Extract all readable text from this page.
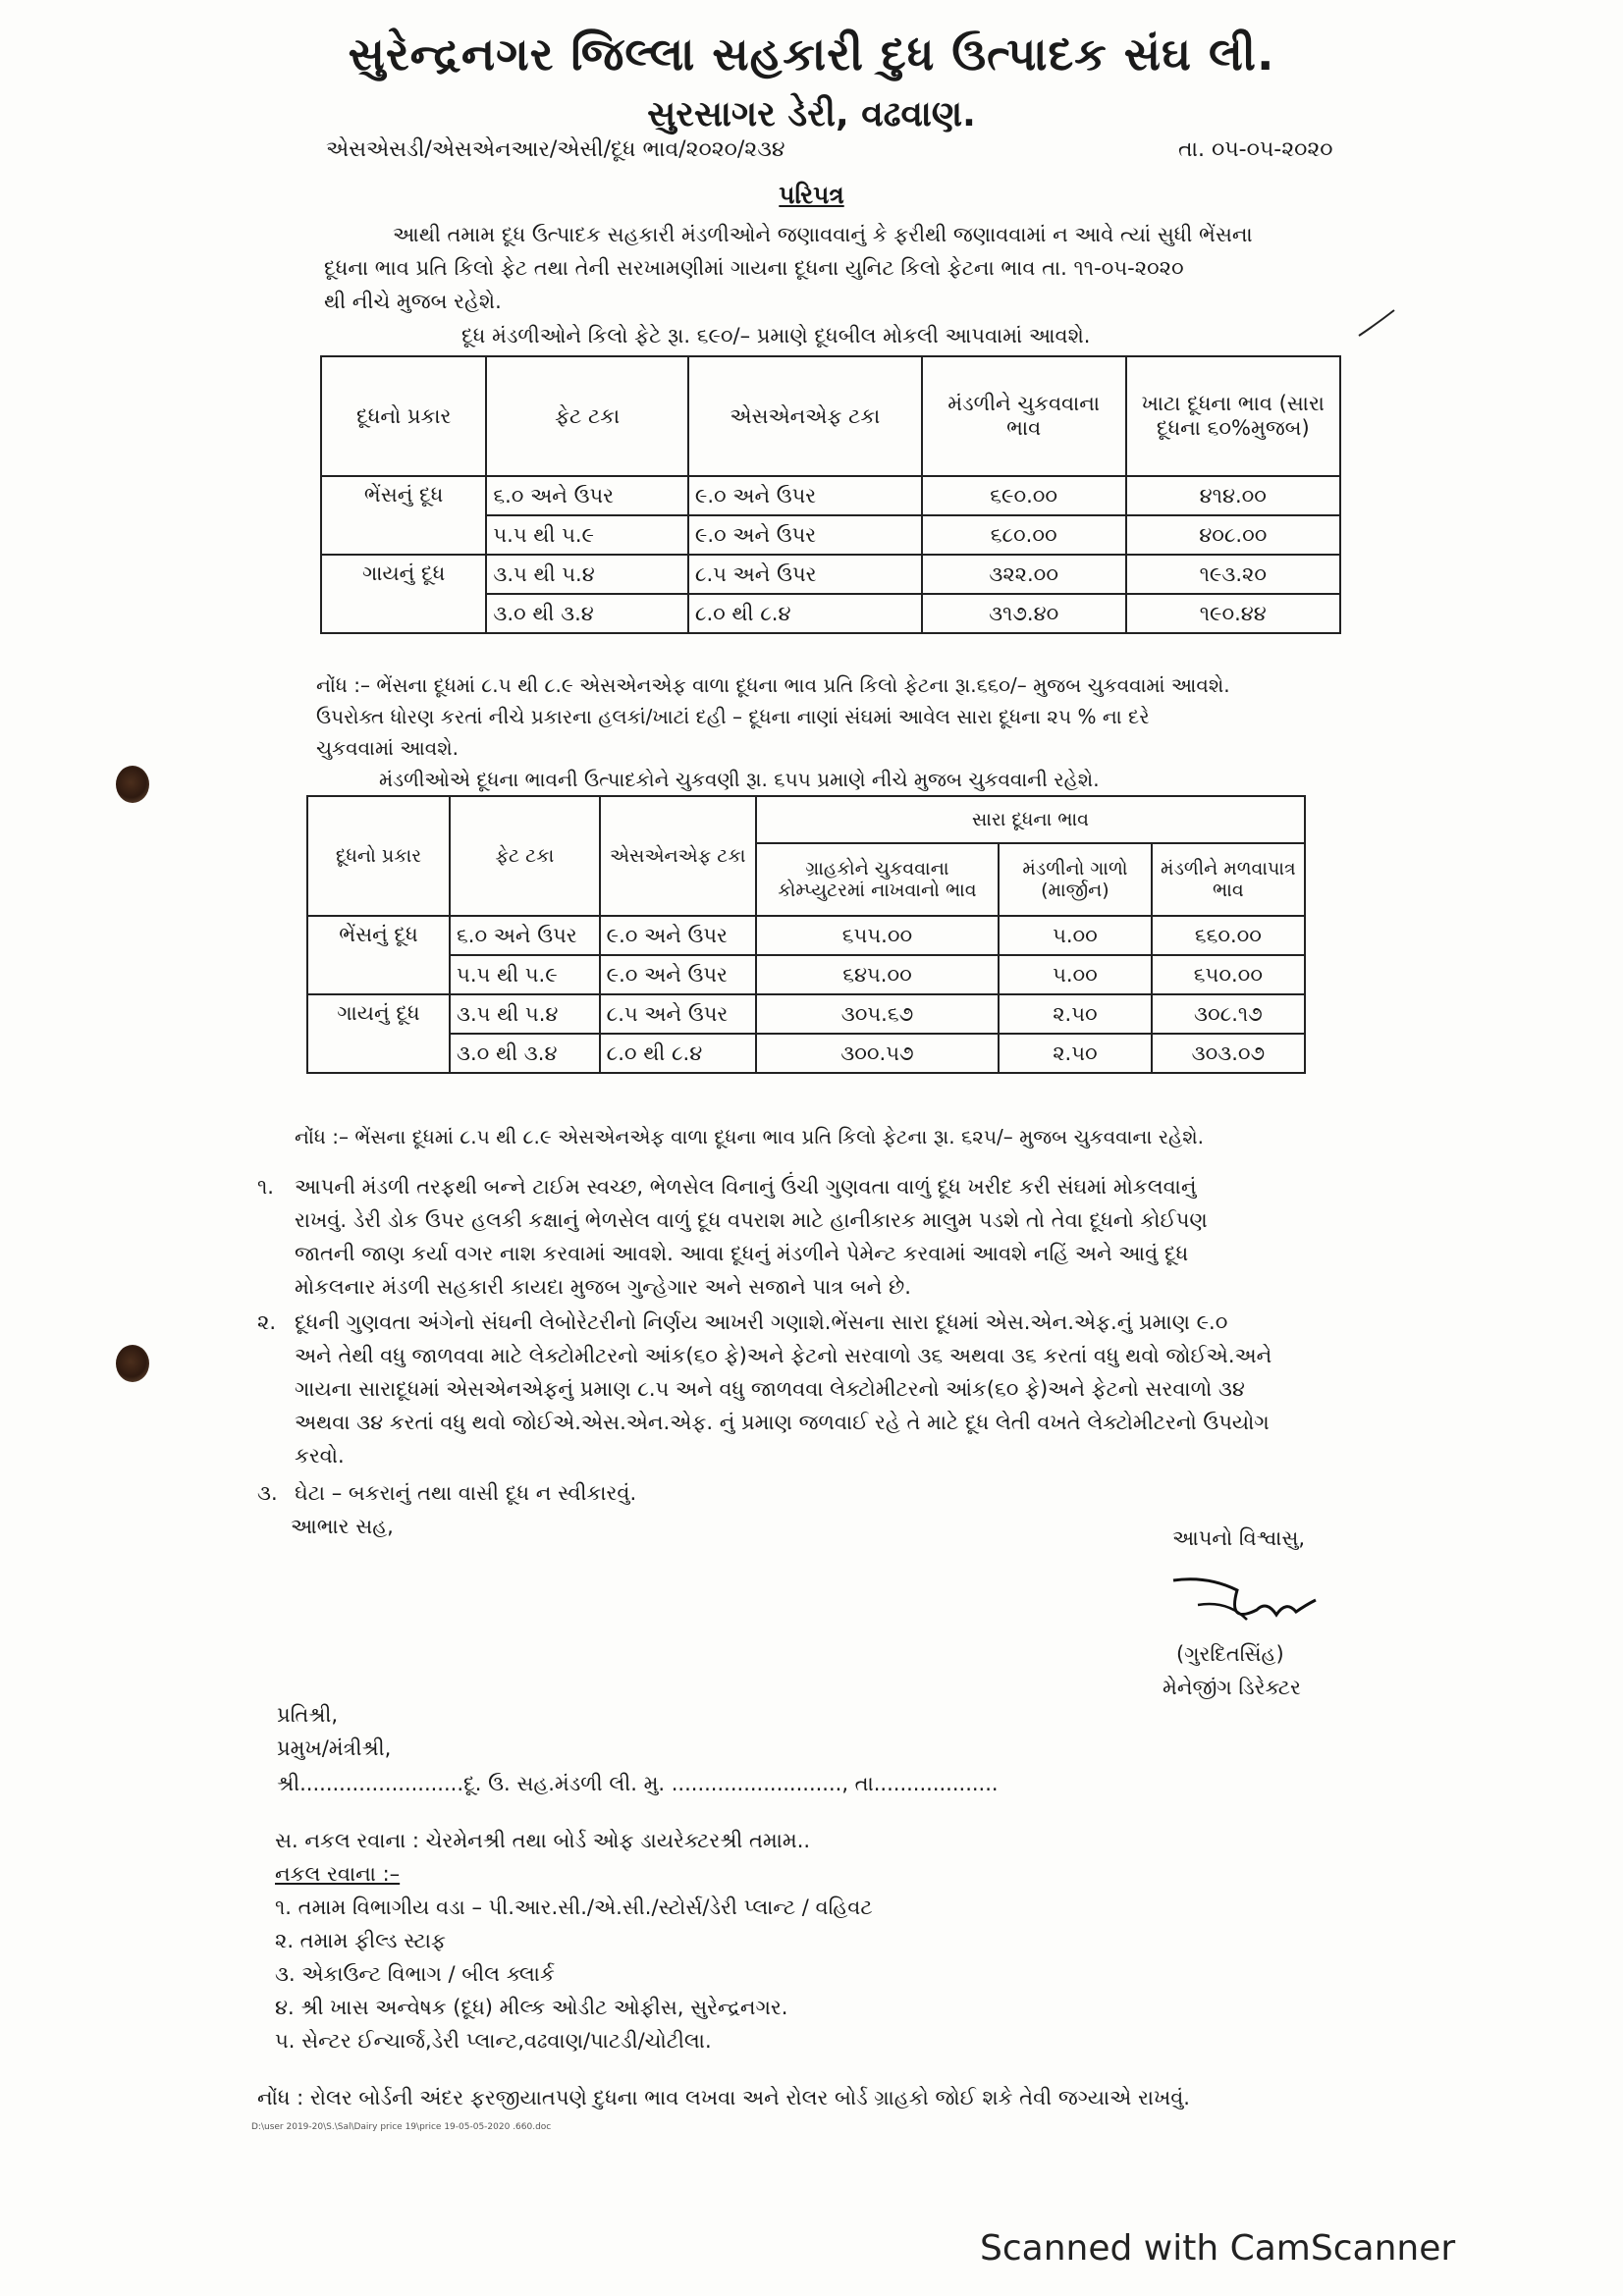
સુરેન્દ્રનગર જિલ્લા સહકારી દુધ ઉત્પાદક સંઘ લી.
સુરસાગર ડેરી, વઢવાણ.
એસએસડી/એસએનઆર/એસી/દૂધ ભાવ/૨૦૨૦/૨૩૪	તા. ૦૫-૦૫-૨૦૨૦
પરિપત્ર
આથી તમામ દૂધ ઉત્પાદક સહકારી મંડળીઓને જણાવવાનું કે ફરીથી જણાવવામાં ન આવે ત્યાં સુધી ભેંસના
દૂધના ભાવ પ્રતિ કિલો ફેટ તથા તેની સરખામણીમાં ગાયના દૂધના યુનિટ કિલો ફેટના ભાવ તા. ૧૧-૦૫-૨૦૨૦
થી નીચે મુજબ રહેશે.
દૂધ મંડળીઓને કિલો ફેટે રૂા. ૬૯૦/– પ્રમાણે દૂધબીલ મોકલી આપવામાં આવશે.
દૂધનો પ્રકાર	ફેટ ટકા	એસએનએફ ટકા	મંડળીને ચુકવવાના ભાવ	ખાટા દૂધના ભાવ (સારા દૂધના ૬૦%મુજબ)
ભેંસનું દૂધ	૬.૦ અને ઉપર	૯.૦ અને ઉપર	૬૯૦.૦૦	૪૧૪.૦૦
	૫.૫ થી ૫.૯	૯.૦ અને ઉપર	૬૮૦.૦૦	૪૦૮.૦૦
ગાયનું દૂધ	૩.૫ થી ૫.૪	૮.૫ અને ઉપર	૩૨૨.૦૦	૧૯૩.૨૦
	૩.૦ થી ૩.૪	૮.૦ થી ૮.૪	૩૧૭.૪૦	૧૯૦.૪૪
નોંધ :– ભેંસના દૂધમાં ૮.૫ થી ૮.૯ એસએનએફ વાળા દૂધના ભાવ પ્રતિ કિલો ફેટના રૂા.૬૬૦/– મુજબ ચુકવવામાં આવશે.
ઉપરોક્ત ધોરણ કરતાં નીચે પ્રકારના હલકાં/ખાટાં દહી – દૂધના નાણાં સંઘમાં આવેલ સારા દૂધના ૨૫ % ના દરે
ચુકવવામાં આવશે.
મંડળીઓએ દૂધના ભાવની ઉત્પાદકોને ચુકવણી રૂા. ૬૫૫ પ્રમાણે નીચે મુજબ ચુકવવાની રહેશે.
દૂધનો પ્રકાર	ફેટ ટકા	એસએનએફ ટકા	સારા દૂધના ભાવ		
			ગ્રાહકોને ચુકવવાના કોમ્પ્યુટરમાં નાખવાનો ભાવ	મંડળીનો ગાળો (માર્જીન)	મંડળીને મળવાપાત્ર ભાવ
ભેંસનું દૂધ	૬.૦ અને ઉપર	૯.૦ અને ઉપર	૬૫૫.૦૦	૫.૦૦	૬૬૦.૦૦
	૫.૫ થી ૫.૯	૯.૦ અને ઉપર	૬૪૫.૦૦	૫.૦૦	૬૫૦.૦૦
ગાયનું દૂધ	૩.૫ થી ૫.૪	૮.૫ અને ઉપર	૩૦૫.૬૭	૨.૫૦	૩૦૮.૧૭
	૩.૦ થી ૩.૪	૮.૦ થી ૮.૪	૩૦૦.૫૭	૨.૫૦	૩૦૩.૦૭
નોંધ :– ભેંસના દૂધમાં ૮.૫ થી ૮.૯ એસએનએફ વાળા દૂધના ભાવ પ્રતિ કિલો ફેટના રૂા. ૬૨૫/– મુજબ ચુકવવાના રહેશે.
૧. આપની મંડળી તરફથી બન્ને ટાઈમ સ્વચ્છ, ભેળસેલ વિનાનું ઉંચી ગુણવતા વાળું દૂધ ખરીદ કરી સંઘમાં મોકલવાનું
રાખવું. ડેરી ડોક ઉપર હલકી કક્ષાનું ભેળસેલ વાળું દૂધ વપરાશ માટે હાનીકારક માલુમ પડશે તો તેવા દૂધનો કોઈપણ
જાતની જાણ કર્યા વગર નાશ કરવામાં આવશે. આવા દૂધનું મંડળીને પેમેન્ટ કરવામાં આવશે નહિં અને આવું દૂધ
મોકલનાર મંડળી સહકારી કાયદા મુજબ ગુન્હેગાર અને સજાને પાત્ર બને છે.
૨. દૂધની ગુણવતા અંગેનો સંઘની લેબોરેટરીનો નિર્ણય આખરી ગણાશે.ભેંસના સારા દૂધમાં એસ.એન.એફ.નું પ્રમાણ ૯.૦
અને તેથી વધુ જાળવવા માટે લેક્ટોમીટરનો આંક(૬૦ ફે)અને ફેટનો સરવાળો ૩૬ અથવા ૩૬ કરતાં વધુ થવો જોઈએ.અને
ગાયના સારાદૂધમાં એસએનએફનું પ્રમાણ ૮.૫ અને વધુ જાળવવા લેક્ટોમીટરનો આંક(૬૦ ફે)અને ફેટનો સરવાળો ૩૪
અથવા ૩૪ કરતાં વધુ થવો જોઈએ.એસ.એન.એફ. નું પ્રમાણ જળવાઈ રહે તે માટે દૂધ લેતી વખતે લેક્ટોમીટરનો ઉપયોગ
કરવો.
૩. ઘેટા – બકરાનું તથા વાસી દૂધ ન સ્વીકારવું.
આભાર સહ,	આપનો વિશ્વાસુ,
(ગુરદિતસિંહ)
મેનેજીંગ ડિરેક્ટર
પ્રતિશ્રી,
પ્રમુખ/મંત્રીશ્રી,
શ્રી.........................દૂ. ઉ. સહ.મંડળી લી. મુ. .........................., તા...................
સ. નકલ રવાના : ચેરમેનશ્રી તથા બોર્ડ ઓફ ડાયરેક્ટરશ્રી તમામ..
નકલ રવાના :–
૧. તમામ વિભાગીય વડા – પી.આર.સી./એ.સી./સ્ટોર્સ/ડેરી પ્લાન્ટ / વહિવટ
૨. તમામ ફીલ્ડ સ્ટાફ
૩. એકાઉન્ટ વિભાગ / બીલ ક્લાર્ક
૪. શ્રી ખાસ અન્વેષક (દૂધ) મીલ્ક ઓડીટ ઓફીસ, સુરેન્દ્રનગર.
૫. સેન્ટર ઈન્ચાર્જ,ડેરી પ્લાન્ટ,વઢવાણ/પાટડી/ચોટીલા.
નોંધ : રોલર બોર્ડની અંદર ફરજીયાતપણે દુધના ભાવ લખવા અને રોલર બોર્ડ ગ્રાહકો જોઈ શકે તેવી જગ્યાએ રાખવું.
D:\user 2019-20\S.\Sal\Dairy price 19\price 19-05-05-2020 .660.doc
Scanned with CamScanner
